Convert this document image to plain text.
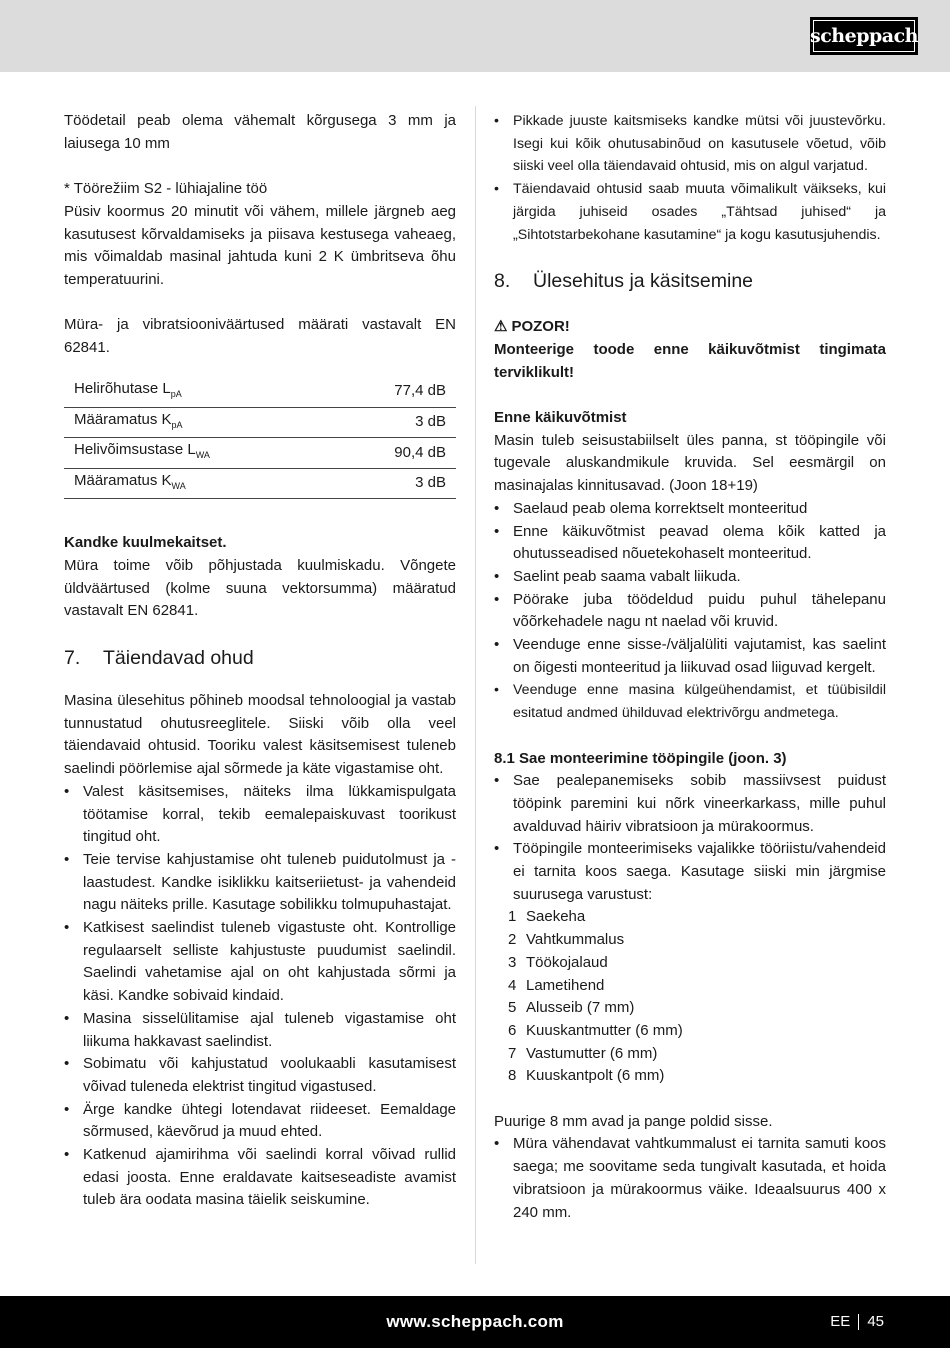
scheppach

Töödetail peab olema vähemalt kõrgusega 3 mm ja laiusega 10 mm

* Töörežiim S2 - lühiajaline töö

Püsiv koormus 20 minutit või vähem, millele järgneb aeg kasutusest kõrvaldamiseks ja piisava kestusega vaheaeg, mis võimaldab masinal jahtuda kuni 2 K ümbritseva õhu temperatuurini.

Müra- ja vibratsiooniväärtused määrati vastavalt EN 62841.

Helirõhutase $L_{pA}$	77,4 dB
Määramatus $K_{pA}$	3 dB
Helivõimsustase $L_{WA}$	90,4 dB
Määramatus $K_{WA}$	3 dB

Kandke kuulmekaitset.

Müra toime võib põhjustada kuulmiskadu. Võngete üldväärtused (kolme suuna vektorsumma) määratud vastavalt EN 62841.

7.	Täiendavad ohud

Masina ülesehitus põhineb moodsal tehnoloogial ja vastab tunnustatud ohutusreeglitele. Siiski võib olla veel täiendavaid ohtusid. Tooriku valest käsitsemisest tuleneb saelindi pöörlemise ajal sõrmede ja käte vigastamise oht.

• Valest käsitsemises, näiteks ilma lükkamispulgata töötamise korral, tekib eemalepaiskuvast toorikust tingitud oht.
• Teie tervise kahjustamise oht tuleneb puidutolmust ja -laastudest. Kandke isiklikku kaitseriietust- ja vahendeid nagu näiteks prille. Kasutage sobilikku tolmupuhastajat.
• Katkisest saelindist tuleneb vigastuste oht. Kontrollige regulaarselt selliste kahjustuste puudumist saelindil. Saelindi vahetamise ajal on oht kahjustada sõrmi ja käsi. Kandke sobivaid kindaid.
• Masina sisselülitamise ajal tuleneb vigastamise oht liikuma hakkavast saelindist.
• Sobimatu või kahjustatud voolukaabli kasutamisest võivad tuleneda elektrist tingitud vigastused.
• Ärge kandke ühtegi lotendavat riideeset. Eemaldage sõrmused, käevõrud ja muud ehted.
• Katkenud ajamirihma või saelindi korral võivad rullid edasi joosta. Enne eraldavate kaitseseadiste avamist tuleb ära oodata masina täielik seiskumine.
• Pikkade juuste kaitsmiseks kandke mütsi või juustevõrku. Isegi kui kõik ohutusabinõud on kasutusele võetud, võib siiski veel olla täiendavaid ohtusid, mis on algul varjatud.
• Täiendavaid ohtusid saab muuta võimalikult väikseks, kui järgida juhiseid osades „Tähtsad juhised“ ja „Sihtotstarbekohane kasutamine“ ja kogu kasutusjuhendis.
8.	Ülesehitus ja käsitsemine

⚠ POZOR!

Monteerige toode enne käikuvõtmist tingimata terviklikult!

Enne käikuvõtmist

Masin tuleb seisustabiilselt üles panna, st tööpingile või tugevale aluskandmikule kruvida. Sel eesmärgil on masinajalas kinnitusavad. (Joon 18+19)

• Saelaud peab olema korrektselt monteeritud
• Enne käikuvõtmist peavad olema kõik katted ja ohutusseadised nõuetekohaselt monteeritud.
• Saelint peab saama vabalt liikuda.
• Pöörake juba töödeldud puidu puhul tähelepanu võõrkehadele nagu nt naelad või kruvid.
• Veenduge enne sisse-/väljalüliti vajutamist, kas saelint on õigesti monteeritud ja liikuvad osad liiguvad kergelt.
• Veenduge enne masina külgeühendamist, et tüübisildil esitatud andmed ühilduvad elektrivõrgu andmetega.

8.1 Sae monteerimine tööpingile (joon. 3)

• Sae pealepanemiseks sobib massiivsest puidust tööpink paremini kui nõrk vineerkarkass, mille puhul avalduvad häiriv vibratsioon ja mürakoormus.
• Tööpingile monteerimiseks vajalikke tööriistu/vahendeid ei tarnita koos saega. Kasutage siiski min järgmise suurusega varustust:
1 Saekeha
2 Vahtkummalus
3 Töökojalaud
4 Lametihend
5 Alusseib (7 mm)
6 Kuuskantmutter (6 mm)
7 Vastumutter (6 mm)
8 Kuuskantpolt (6 mm)

Puurige 8 mm avad ja pange poldid sisse.

• Müra vähendavat vahtkummalust ei tarnita samuti koos saega; me soovitame seda tungivalt kasutada, et hoida vibratsioon ja mürakoormus väike. Ideaalsuurus 400 x 240 mm.
www.scheppach.com	EE 45
